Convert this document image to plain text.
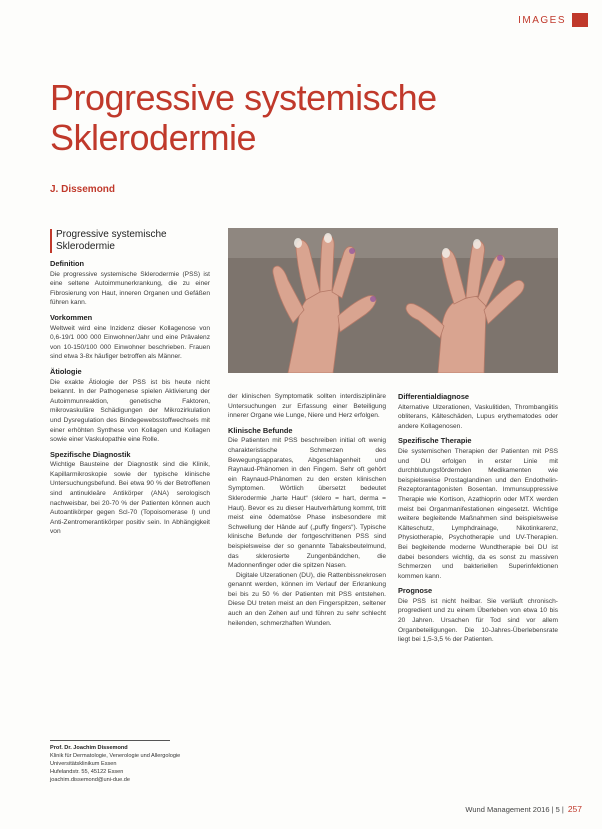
IMAGES
Progressive systemische Sklerodermie
J. Dissemond
Progressive systemische Sklerodermie
Definition

Die progressive systemische Sklerodermie (PSS) ist eine seltene Autoimmunerkrankung, die zu einer Fibrosierung von Haut, inneren Organen und Gefäßen führen kann.

Vorkommen

Weltweit wird eine Inzidenz dieser Kollagenose von 0,6-19/1 000 000 Einwohner/Jahr und eine Prävalenz von 10-150/100 000 Einwohner beschrieben. Frauen sind etwa 3-8x häufiger betroffen als Männer.

Ätiologie

Die exakte Ätiologie der PSS ist bis heute nicht bekannt. In der Pathogenese spielen Aktivierung der Autoimmunreaktion, genetische Faktoren, mikrovaskuläre Schädigungen der Mikrozirkulation und Dysregulation des Bindegewebsstoffwechsels mit einer erhöhten Synthese von Kollagen und Kollagen sowie einer Vaskulopathie eine Rolle.

Spezifische Diagnostik

Wichtige Bausteine der Diagnostik sind die Klinik, Kapillarmikroskopie sowie der typische klinische Untersuchungsbefund. Bei etwa 90 % der Betroffenen sind antinukleäre Antikörper (ANA) serologisch nachweisbar, bei 20-70 % der Patienten können auch Autoantikörper gegen Scl-70 (Topoisomerase I) und Anti-Zentromerantikörper positiv sein. In Abhängigkeit von

der klinischen Symptomatik sollten interdisziplinäre Untersuchungen zur Erfassung einer Beteiligung innerer Organe wie Lunge, Niere und Herz erfolgen.

Klinische Befunde

Die Patienten mit PSS beschreiben initial oft wenig charakteristische Schmerzen des Bewegungsapparates, Abgeschlagenheit und Raynaud-Phänomen in den Fingern. Sehr oft gehört ein Raynaud-Phänomen zu den ersten klinischen Symptomen. Wörtlich übersetzt bedeutet Sklerodermie „harte Haut“ (sklero = hart, derma = Haut). Bevor es zu dieser Hautverhärtung kommt, tritt meist eine ödematöse Phase insbesondere mit Schwellung der Hände auf („puffy fingers“). Typische klinische Befunde der fortgeschrittenen PSS sind beispielsweise der so genannte Tabaksbeutelmund, das sklerosierte Zungenbändchen, die Madonnenfinger oder die spitzen Nasen.

Digitale Ulzerationen (DU), die Rattenbissnekrosen genannt werden, können im Verlauf der Erkrankung bei bis zu 50 % der Patienten mit PSS entstehen. Diese DU treten meist an den Fingerspitzen, seltener auch an den Zehen auf und führen zu sehr schlecht heilenden, schmerzhaften Wunden.

Differentialdiagnose

Alternative Ulzerationen, Vaskulitiden, Thrombangiitis obliterans, Kälteschäden, Lupus erythematodes oder andere Kollagenosen.

Spezifische Therapie

Die systemischen Therapien der Patienten mit PSS und DU erfolgen in erster Linie mit durchblutungsfördernden Medikamenten wie beispielsweise Prostaglandinen und den Endothelin-Rezeptorantagonisten Bosentan. Immunsuppressive Therapie wie Kortison, Azathioprin oder MTX werden meist bei Organmanifestationen eingesetzt. Wichtige weitere begleitende Maßnahmen sind beispielsweise Kälteschutz, Lymphdrainage, Nikotinkarenz, Physiotherapie, Psychotherapie und UV-Therapien. Bei begleitende moderne Wundtherapie bei DU ist dabei besonders wichtig, da es sonst zu massiven Schmerzen und bakteriellen Superinfektionen kommen kann.

Prognose

Die PSS ist nicht heilbar. Sie verläuft chronisch-progredient und zu einem Überleben von etwa 10 bis 20 Jahren. Ursachen für Tod sind vor allem Organbeteiligungen. Die 10-Jahres-Überlebensrate liegt bei 1,5-3,5 % der Patienten.

Prof. Dr. Joachim Dissemond
Klinik für Dermatologie, Venerologie und Allergologie
Universitätsklinikum Essen
Hufelandstr. 55, 45122 Essen
joachim.dissemond@uni-due.de
Wund Management 2016 | 5 | 257
